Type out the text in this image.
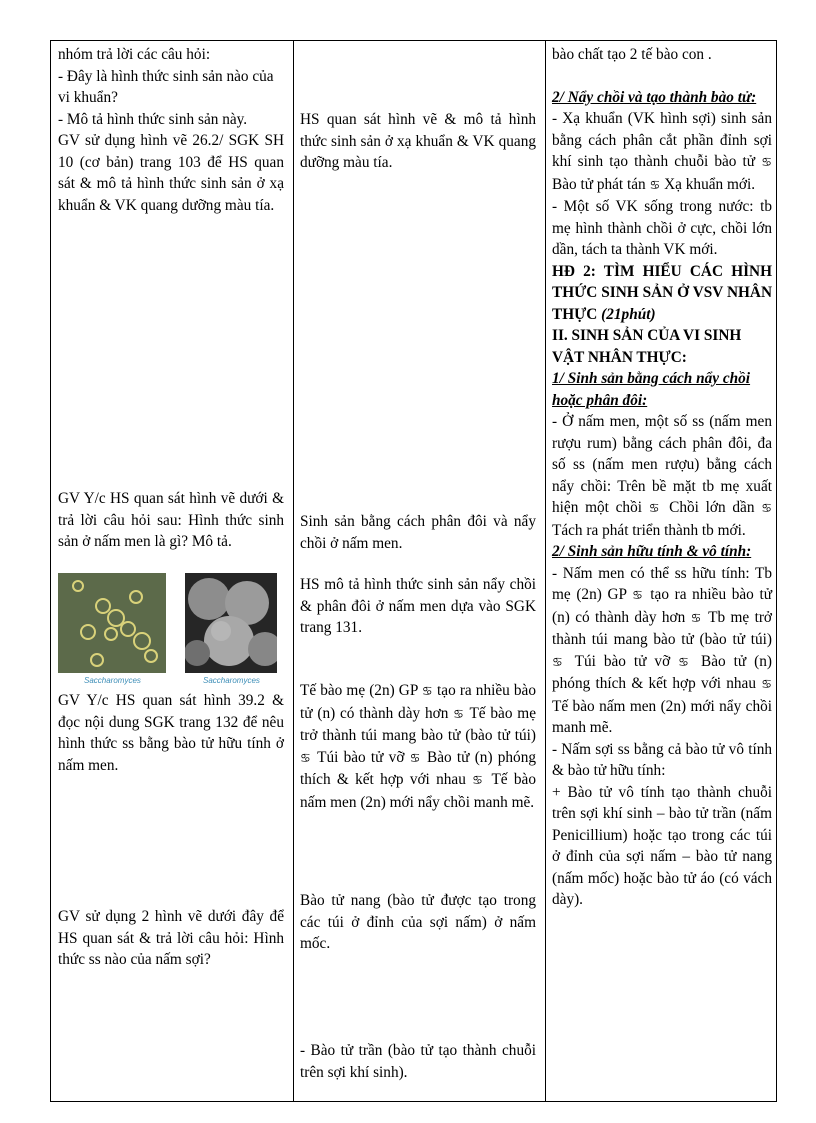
nhóm trả lời các câu hỏi:
- Đây là hình thức sinh sản nào của vi khuẩn?
- Mô tả hình thức sinh sản này.
GV sử dụng hình vẽ 26.2/ SGK SH 10 (cơ bản) trang 103 để HS quan sát & mô tả hình thức sinh sản ở xạ khuẩn & VK quang dưỡng màu tía.
GV Y/c HS quan sát hình vẽ dưới & trả lời câu hỏi sau: Hình thức sinh sản ở nấm men là gì? Mô tả.
Saccharomyces	Saccharomyces
GV Y/c HS quan sát hình 39.2 & đọc nội dung SGK trang 132 để nêu hình thức ss bằng bào tử hữu tính ở nấm men.
GV sử dụng 2 hình vẽ dưới đây để HS quan sát & trả lời câu hỏi: Hình thức ss nào của nấm sợi?
HS quan sát hình vẽ & mô tả hình thức sinh sản ở xạ khuẩn & VK quang dưỡng màu tía.
Sinh sản bằng cách phân đôi và nẩy chồi ở nấm men.
HS mô tả hình thức sinh sản nẩy chồi & phân đôi ở nấm men dựa vào SGK trang 131.
Tế bào mẹ (2n) GP ♋ tạo ra nhiều bào tử (n) có thành dày hơn ♋ Tế bào mẹ trở thành túi mang bào tử (bào tử túi) ♋ Túi bào tử vỡ ♋ Bào tử (n) phóng thích & kết hợp với nhau ♋ Tế bào nấm men (2n) mới nẩy chồi manh mẽ.
Bào tử nang (bào tử được tạo trong các túi ở đỉnh của sợi nấm) ở nấm mốc.
- Bào tử trần (bào tử tạo thành chuỗi trên sợi khí sinh).
bào chất tạo 2 tế bào con .
2/ Nẩy chồi và tạo thành bào tử:
- Xạ khuẩn (VK hình sợi) sinh sản bằng cách phân cắt phần đỉnh sợi khí sinh tạo thành chuỗi bào tử ♋ Bào tử phát tán ♋ Xạ khuẩn mới.
- Một số VK sống trong nước: tb mẹ hình thành chồi ở cực, chồi lớn dần, tách ta thành VK mới.
HĐ 2: TÌM HIỂU CÁC HÌNH THỨC SINH SẢN Ở VSV NHÂN THỰC (21phút)
II. SINH SẢN CỦA VI SINH VẬT NHÂN THỰC:
1/ Sinh sản bằng cách nẩy chồi hoặc phân đôi:
- Ở nấm men, một số ss (nấm men rượu rum) bằng cách phân đôi, đa số ss (nấm men rượu) bằng cách nẩy chồi: Trên bề mặt tb mẹ xuất hiện một chồi ♋ Chồi lớn dần ♋ Tách ra phát triển thành tb mới.
2/ Sinh sản hữu tính & vô tính:
- Nấm men có thể ss hữu tính: Tb mẹ (2n) GP ♋ tạo ra nhiều bào tử (n) có thành dày hơn ♋ Tb mẹ trở thành túi mang bào tử (bào tử túi) ♋ Túi bào tử vỡ ♋ Bào tử (n) phóng thích & kết hợp với nhau ♋ Tế bào nấm men (2n) mới nẩy chồi manh mẽ.
- Nấm sợi ss bằng cả bào tử vô tính & bào tử hữu tính:
+ Bào tử vô tính tạo thành chuỗi trên sợi khí sinh – bào tử trần (nấm Penicillium) hoặc tạo trong các túi ở đỉnh của sợi nấm – bào tử nang (nấm mốc) hoặc bào tử áo (có vách dày).
